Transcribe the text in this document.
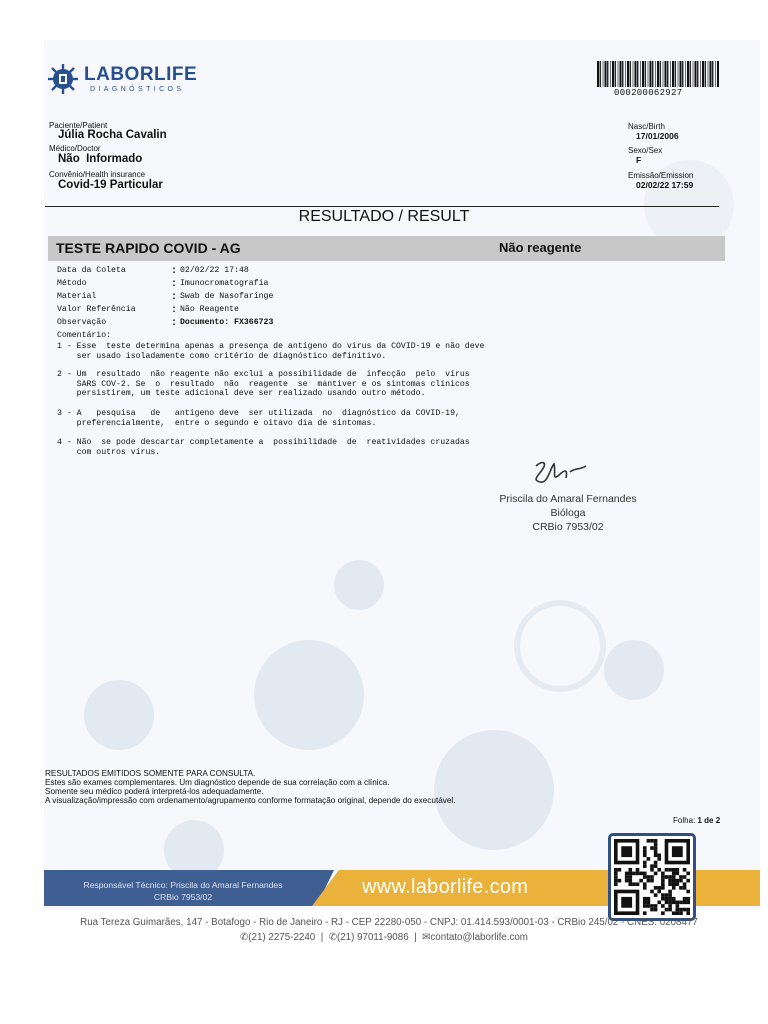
LABORLIFE
DIAGNÓSTICOS	000200062927
Paciente/Patient
Júlia Rocha Cavalin
Médico/Doctor
Não  Informado
Convênio/Health insurance
Covid-19 Particular
Nasc/Birth
17/01/2006
Sexo/Sex
F
Emissão/Emission
02/02/22 17:59
RESULTADO / RESULT
TESTE RAPIDO COVID - AG	Não reagente
Data da Coleta	: 02/02/22 17:48
Método	: Imunocromatografia
Material	: Swab de Nasofaringe
Valor Referência	: Não Reagente
Observação	: Documento: FX366723
Comentário:
1 - Esse  teste determina apenas a presença de antígeno do vírus da COVID-19 e não deve
ser usado isoladamente como critério de diagnóstico definitivo.
2 - Um  resultado  não reagente não exclui a possibilidade de  infecção  pelo  vírus
SARS COV-2. Se  o  resultado  não  reagente  se  mantiver e os sintomas clínicos
persistirem, um teste adicional deve ser realizado usando outro método.
3 - A   pesquisa   de   antígeno deve  ser utilizada  no  diagnóstico da COVID-19,
preferencialmente,  entre o segundo e oitavo dia de sintomas.
4 - Não  se pode descartar completamente a  possibilidade  de  reatividades cruzadas
com outros vírus.
Priscila do Amaral Fernandes
Bióloga
CRBio 7953/02
RESULTADOS EMITIDOS SOMENTE PARA CONSULTA.
Estes são exames complementares. Um diagnóstico depende de sua correlação com a clínica.
Somente seu médico poderá interpretá-los adequadamente.
A visualização/impressão com ordenamento/agrupamento conforme formatação original, depende do executável.
Folha: 1 de 2
Responsável Técnico: Priscila do Amaral Fernandes
CRBio 7953/02	www.laborlife.com
Rua Tereza Guimarães, 147 - Botafogo - Rio de Janeiro - RJ - CEP 22280-050 - CNPJ: 01.414.593/0001-03 - CRBio 245/02 - CNES: 0208477
✆(21) 2275-2240  |  ✆(21) 97011-9086  |  ✉contato@laborlife.com
